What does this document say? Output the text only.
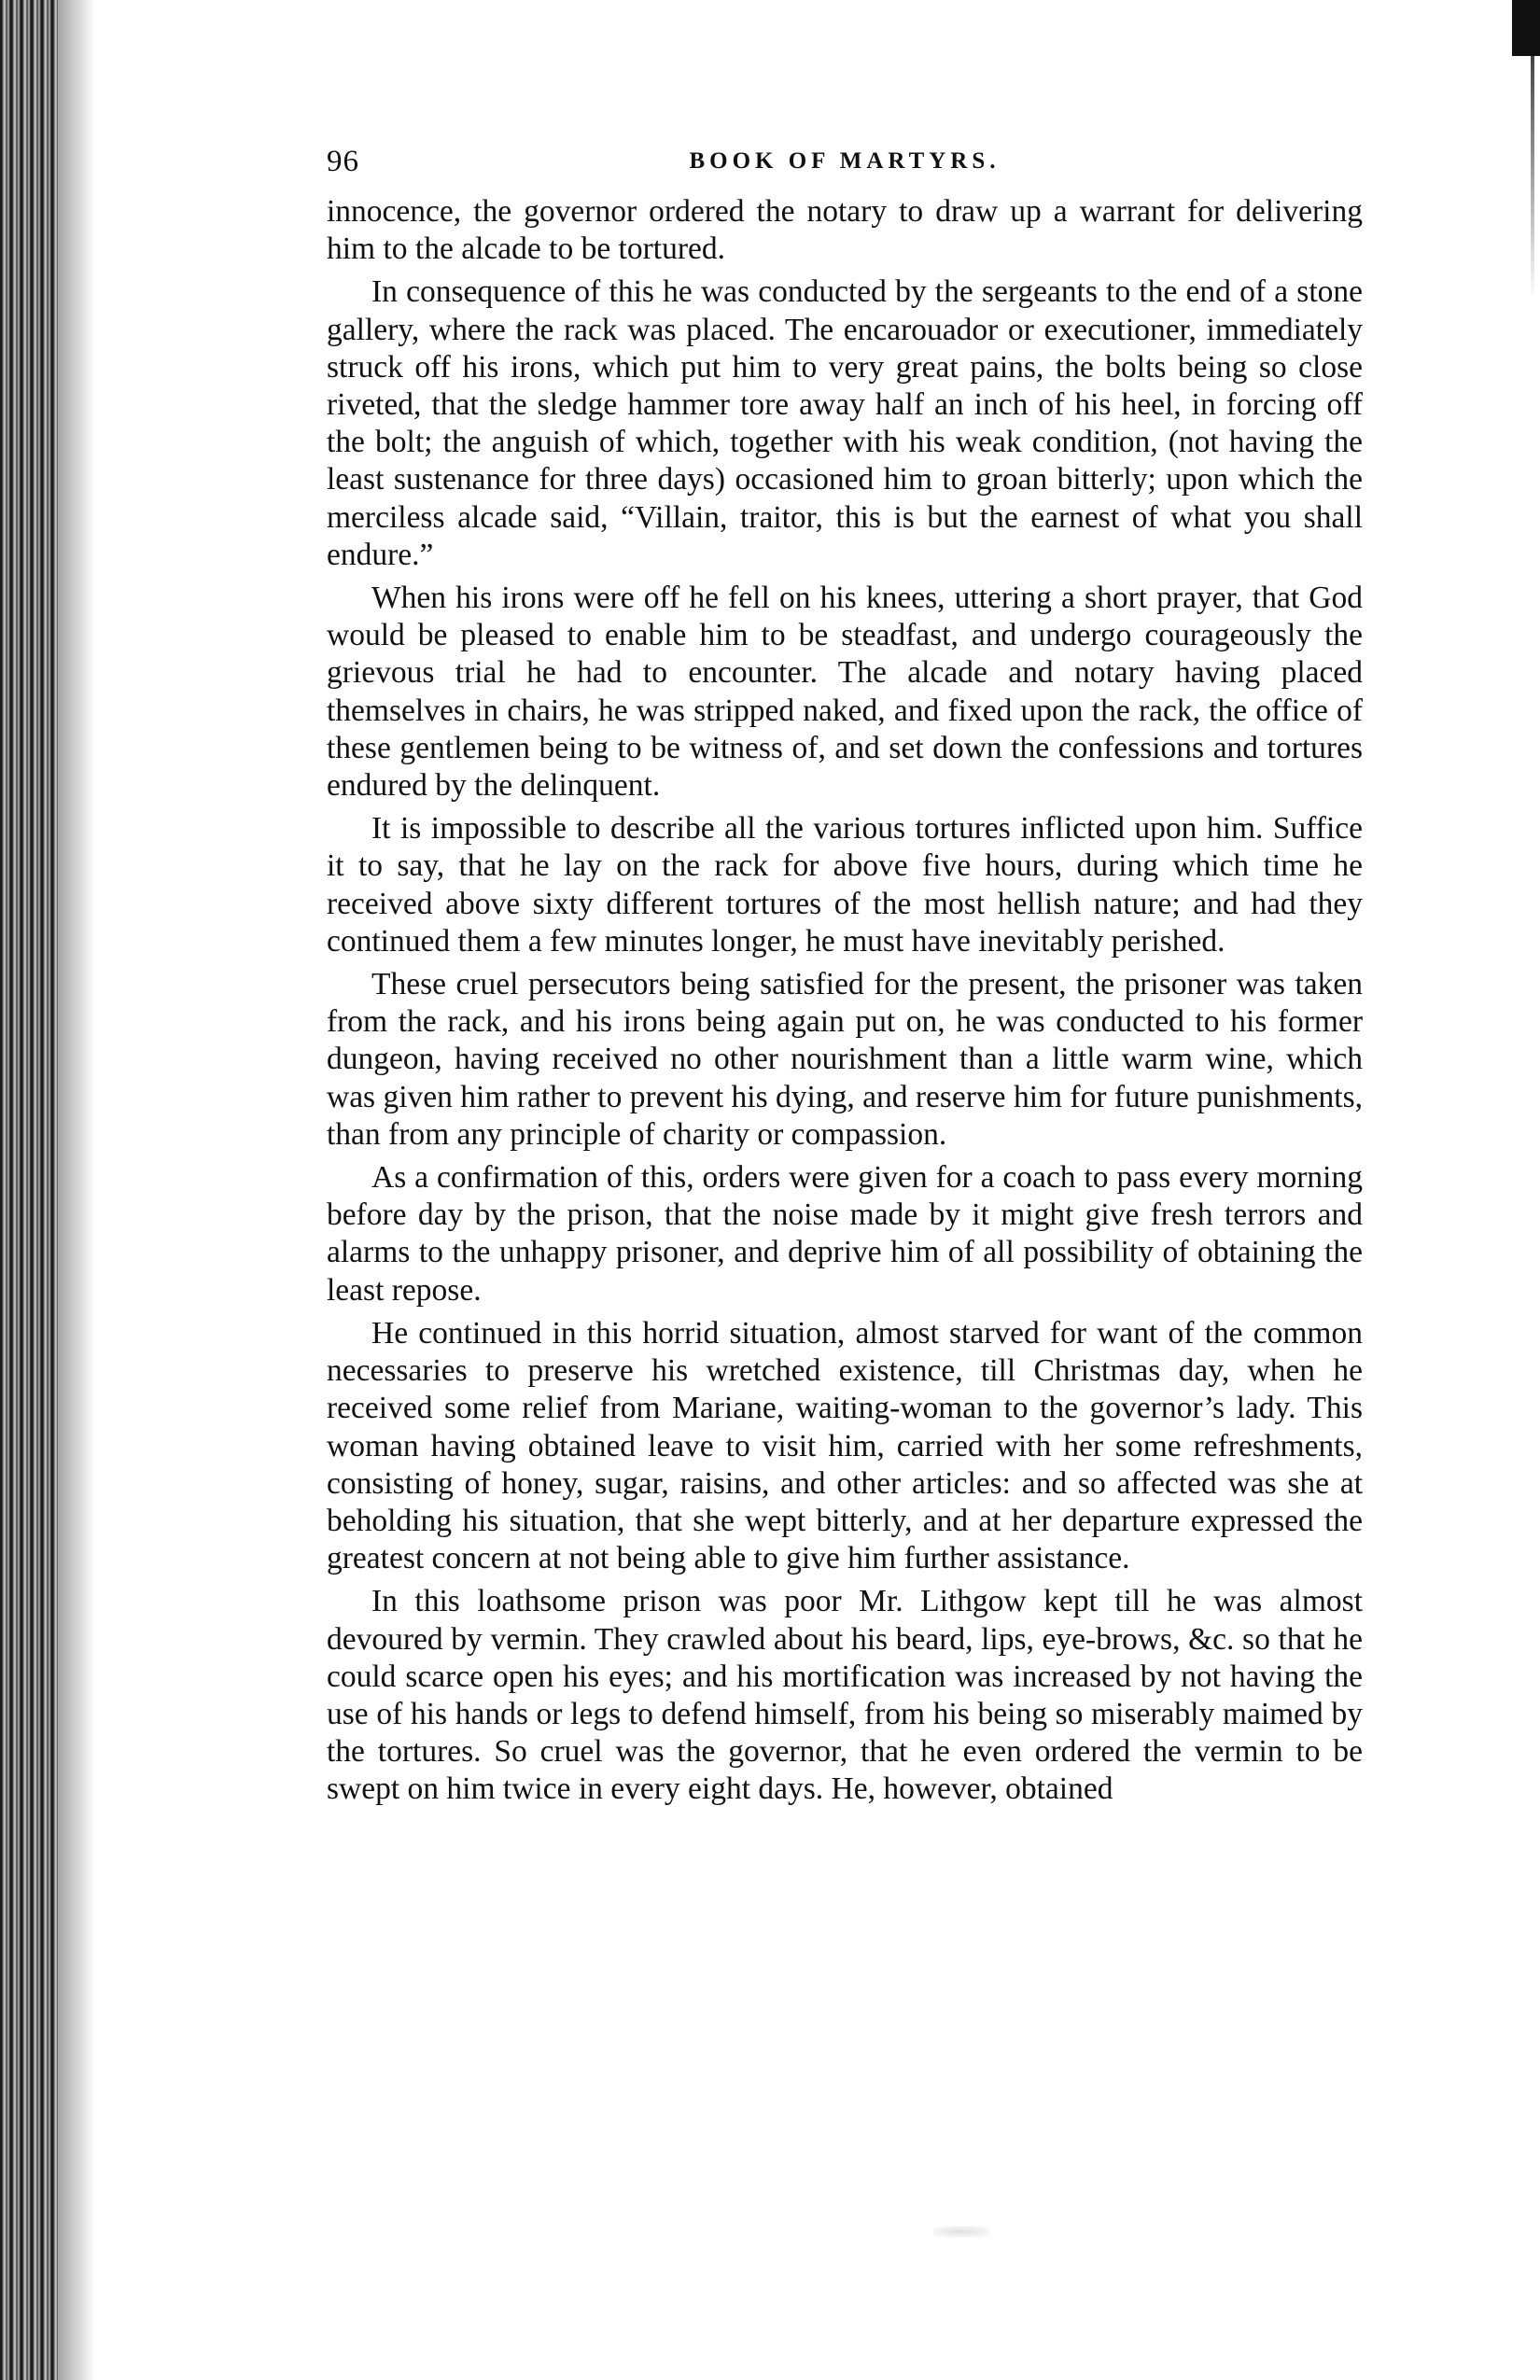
96	BOOK OF MARTYRS.

innocence, the governor ordered the notary to draw up a warrant for delivering him to the alcade to be tortured.

In consequence of this he was conducted by the sergeants to the end of a stone gallery, where the rack was placed. The encarouador or executioner, immediately struck off his irons, which put him to very great pains, the bolts being so close riveted, that the sledge hammer tore away half an inch of his heel, in forcing off the bolt; the anguish of which, together with his weak condition, (not having the least sustenance for three days) occasioned him to groan bitterly; upon which the merciless alcade said, “Villain, traitor, this is but the earnest of what you shall endure.”

When his irons were off he fell on his knees, uttering a short prayer, that God would be pleased to enable him to be steadfast, and undergo courageously the grievous trial he had to encounter. The alcade and notary having placed themselves in chairs, he was stripped naked, and fixed upon the rack, the office of these gentlemen being to be witness of, and set down the confessions and tortures endured by the delinquent.

It is impossible to describe all the various tortures inflicted upon him. Suffice it to say, that he lay on the rack for above five hours, during which time he received above sixty different tortures of the most hellish nature; and had they continued them a few minutes longer, he must have inevitably perished.

These cruel persecutors being satisfied for the present, the prisoner was taken from the rack, and his irons being again put on, he was conducted to his former dungeon, having received no other nourishment than a little warm wine, which was given him rather to prevent his dying, and reserve him for future punishments, than from any principle of charity or compassion.

As a confirmation of this, orders were given for a coach to pass every morning before day by the prison, that the noise made by it might give fresh terrors and alarms to the unhappy prisoner, and deprive him of all possibility of obtaining the least repose.

He continued in this horrid situation, almost starved for want of the common necessaries to preserve his wretched existence, till Christmas day, when he received some relief from Mariane, waiting-woman to the governor’s lady. This woman having obtained leave to visit him, carried with her some refreshments, consisting of honey, sugar, raisins, and other articles: and so affected was she at beholding his situation, that she wept bitterly, and at her departure expressed the greatest concern at not being able to give him further assistance.

In this loathsome prison was poor Mr. Lithgow kept till he was almost devoured by vermin. They crawled about his beard, lips, eye-brows, &c. so that he could scarce open his eyes; and his mortification was increased by not having the use of his hands or legs to defend himself, from his being so miserably maimed by the tortures. So cruel was the governor, that he even ordered the vermin to be swept on him twice in every eight days. He, however, obtained
